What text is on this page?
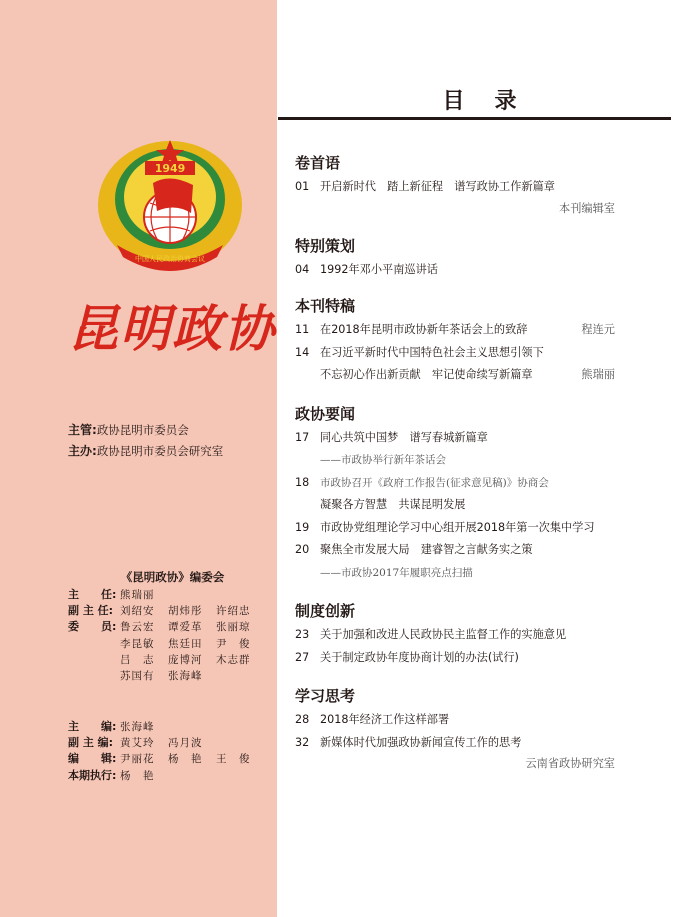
1949
中国人民政治协商会议
昆明政协
主管:政协昆明市委员会
主办:政协昆明市委员会研究室
《昆明政协》编委会
主　　任: 熊瑞丽
副 主 任: 刘绍安 胡炜彤 许绍忠
委　　员: 鲁云宏 谭爱革 张丽琼
李昆敏 焦廷田 尹　俊
吕　志 庞博河 木志群
苏国有 张海峰
主　　编: 张海峰
副 主 编: 黄艾玲 冯月波
编　　辑: 尹丽花 杨　艳 王　俊
本期执行: 杨　艳
目录
卷首语
01 开启新时代　踏上新征程　谱写政协工作新篇章
本刊编辑室
特别策划
04 1992年邓小平南巡讲话
本刊特稿
11 在2018年昆明市政协新年茶话会上的致辞	程连元
14 在习近平新时代中国特色社会主义思想引领下
不忘初心作出新贡献　牢记使命续写新篇章	熊瑞丽
政协要闻
17 同心共筑中国梦　谱写春城新篇章
——市政协举行新年茶话会
18	市政协召开《政府工作报告(征求意见稿)》协商会
凝聚各方智慧　共谋昆明发展
19 市政协党组理论学习中心组开展2018年第一次集中学习
20 聚焦全市发展大局　建睿智之言献务实之策
——市政协2017年履职亮点扫描
制度创新
23 关于加强和改进人民政协民主监督工作的实施意见
27 关于制定政协年度协商计划的办法(试行)
学习思考
28 2018年经济工作这样部署
32 新媒体时代加强政协新闻宣传工作的思考
云南省政协研究室
